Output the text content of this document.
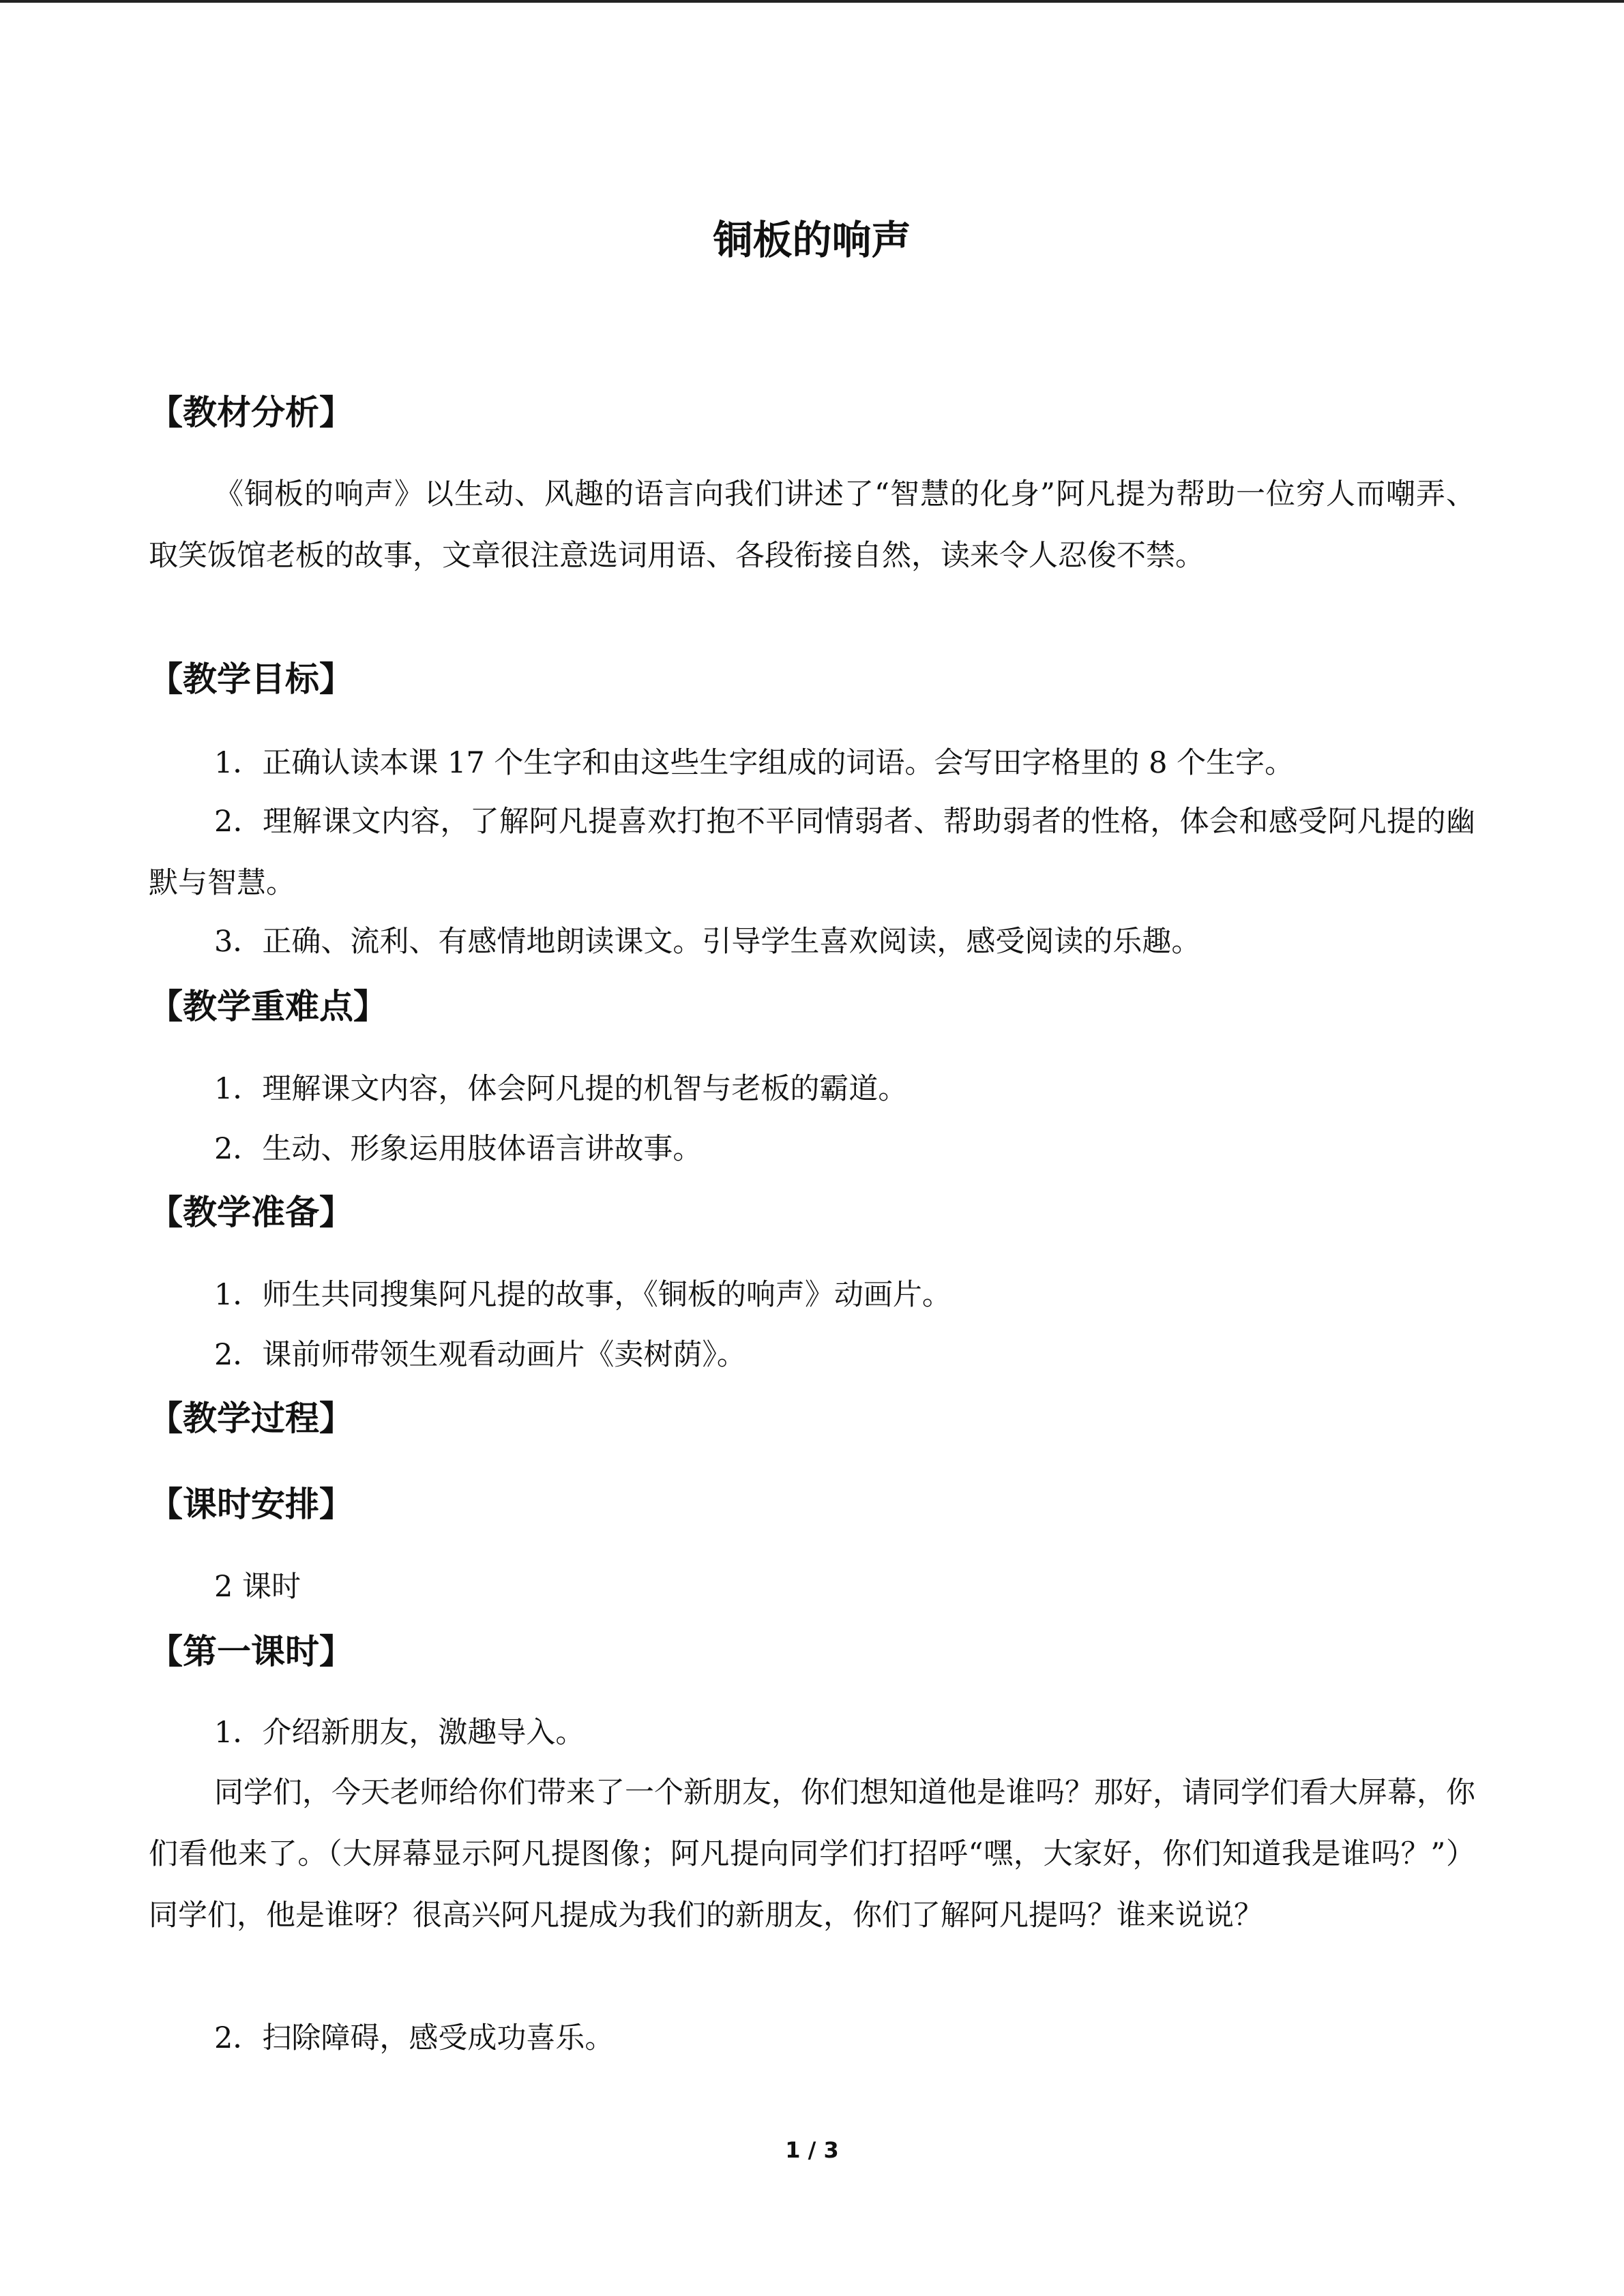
铜板的响声
【教材分析】
《铜板的响声》以生动、风趣的语言向我们讲述了“智慧的化身”阿凡提为帮助一位穷人而嘲弄、取笑饭馆老板的故事，文章很注意选词用语、各段衔接自然，读来令人忍俊不禁。
【教学目标】
1．正确认读本课 17 个生字和由这些生字组成的词语。会写田字格里的 8 个生字。
2．理解课文内容，了解阿凡提喜欢打抱不平同情弱者、帮助弱者的性格，体会和感受阿凡提的幽默与智慧。
3．正确、流利、有感情地朗读课文。引导学生喜欢阅读，感受阅读的乐趣。
【教学重难点】
1．理解课文内容，体会阿凡提的机智与老板的霸道。
2．生动、形象运用肢体语言讲故事。
【教学准备】
1．师生共同搜集阿凡提的故事，《铜板的响声》动画片。
2．课前师带领生观看动画片《卖树荫》。
【教学过程】
【课时安排】
2 课时
【第一课时】
1．介绍新朋友，激趣导入。
同学们，今天老师给你们带来了一个新朋友，你们想知道他是谁吗？那好，请同学们看大屏幕，你们看他来了。（大屏幕显示阿凡提图像；阿凡提向同学们打招呼“嘿，大家好，你们知道我是谁吗？”）同学们，他是谁呀？很高兴阿凡提成为我们的新朋友，你们了解阿凡提吗？谁来说说？
2．扫除障碍，感受成功喜乐。
1 / 3
